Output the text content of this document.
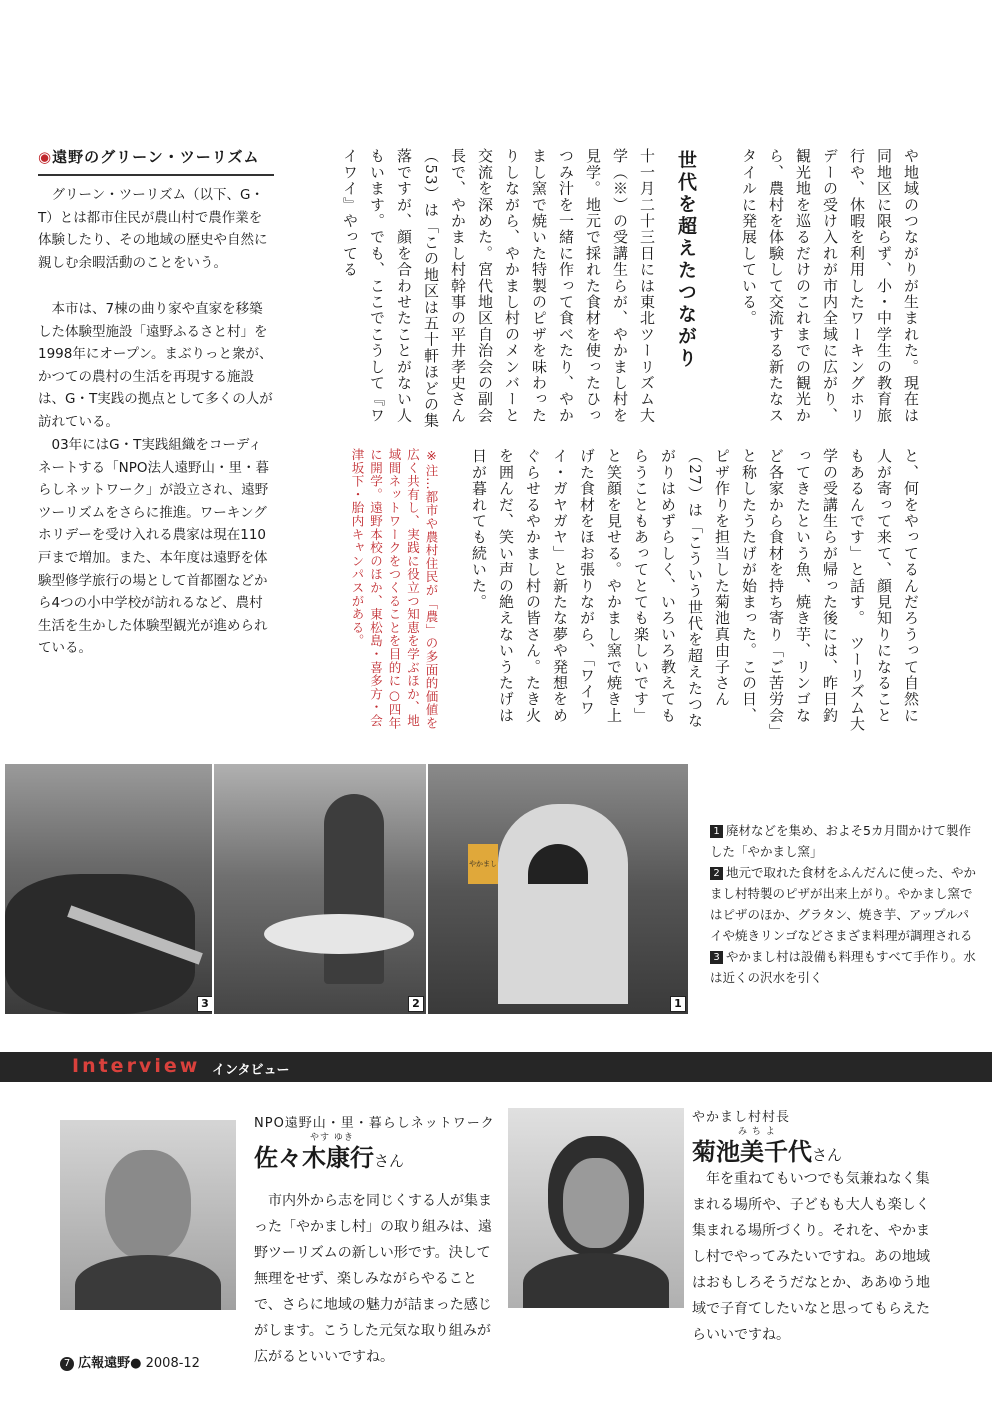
◉遠野のグリーン・ツーリズム

グリーン・ツーリズム（以下、G・T）とは都市住民が農山村で農作業を体験したり、その地域の歴史や自然に親しむ余暇活動のことをいう。

本市は、7棟の曲り家や直家を移築した体験型施設「遠野ふるさと村」を1998年にオープン。まぶりっと衆が、かつての農村の生活を再現する施設は、G・T実践の拠点として多くの人が訪れている。

03年にはG・T実践組織をコーディネートする「NPO法人遠野山・里・暮らしネットワーク」が設立され、遠野ツーリズムをさらに推進。ワーキングホリデーを受け入れる農家は現在110戸まで増加。また、本年度は遠野を体験型修学旅行の場として首都圏などから4つの小中学校が訪れるなど、農村生活を生かした体験型観光が進められている。

や地域のつながりが生まれた。現在は同地区に限らず、小・中学生の教育旅行や、休暇を利用したワーキングホリデーの受け入れが市内全域に広がり、観光地を巡るだけのこれまでの観光から、農村を体験して交流する新たなスタイルに発展している。

世代を超えたつながり

十一月二十三日には東北ツーリズム大学（※）の受講生らが、やかまし村を見学。地元で採れた食材を使ったひっつみ汁を一緒に作って食べたり、やかまし窯で焼いた特製のピザを味わったりしながら、やかまし村のメンバーと交流を深めた。宮代地区自治会の副会長で、やかまし村幹事の平井孝史さん（53）は「この地区は五十軒ほどの集落ですが、顔を合わせたことがない人もいます。でも、ここでこうして『ワイワイ』やってる

と、何をやってるんだろうって自然に人が寄って来て、顔見知りになることもあるんです」と話す。　ツーリズム大学の受講生らが帰った後には、昨日釣ってきたという魚、焼き芋、リンゴなど各家から食材を持ち寄り「ご苦労会」と称したうたげが始まった。この日、ピザ作りを担当した菊池真由子さん（27）は「こういう世代を超えたつながりはめずらしく、いろいろ教えてもらうこともあってとても楽しいです」と笑顔を見せる。やかまし窯で焼き上げた食材をほお張りながら、「ワイワイ・ガヤガヤ」と新たな夢や発想をめぐらせるやかまし村の皆さん。たき火を囲んだ、笑い声の絶えないうたげは日が暮れても続いた。

※注…都市や農村住民が「農」の多面的価値を広く共有し、実践に役立つ知恵を学ぶほか、地域間ネットワークをつくることを目的に○四年に開学。遠野本校のほか、東松島・喜多方・会津坂下・胎内キャンパスがある。
3	2
やかまし
1

1 廃材などを集め、およそ5カ月間かけて製作した「やかまし窯」

2 地元で取れた食材をふんだんに使った、やかまし村特製のピザが出来上がり。やかまし窯ではピザのほか、グラタン、焼き芋、アップルパイや焼きリンゴなどさまざま料理が調理される

3 やかまし村は設備も料理もすべて手作り。水は近くの沢水を引く

Interview インタビュー
NPO遠野山・里・暮らしネットワーク
やす ゆき
佐々木康行さん

市内外から志を同じくする人が集まった「やかまし村」の取り組みは、遠野ツーリズムの新しい形です。決して無理をせず、楽しみながらやることで、さらに地域の魅力が詰まった感じがします。こうした元気な取り組みが広がるといいですね。

やかまし村村長
み ち よ
菊池美千代さん

年を重ねてもいつでも気兼ねなく集まれる場所や、子どもも大人も楽しく集まれる場所づくり。それを、やかまし村でやってみたいですね。あの地域はおもしろそうだなとか、ああゆう地域で子育てしたいなと思ってもらえたらいいですね。

7 広報遠野● 2008-12
